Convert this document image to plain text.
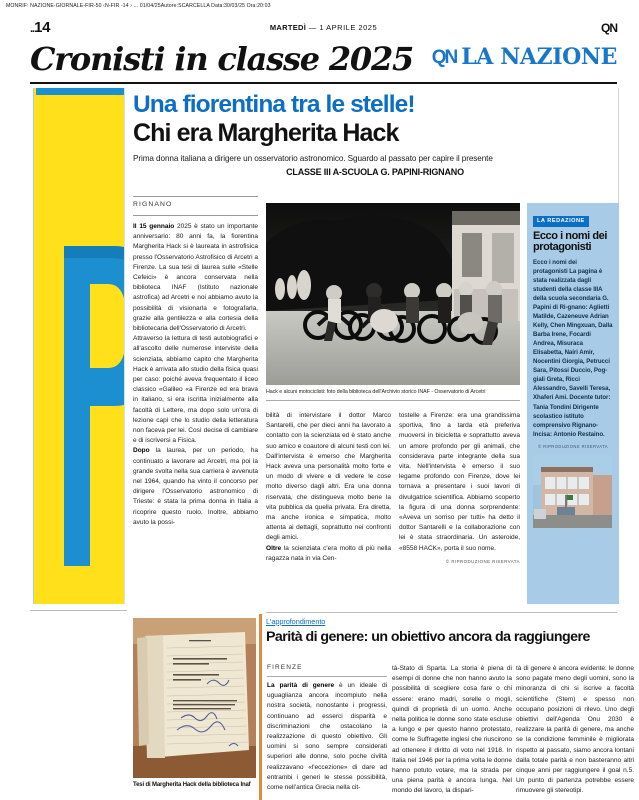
MONRIF: NAZIONE-GIORNALE-FIR-50 ‹N-FIR -14 › ... 01/04/25Autore:SCARCELLA Data:30/03/25 Ora:20:03
..14	MARTEDÌ — 1 APRILE 2025	QN
Cronisti in classe 2025 QN LA NAZIONE
Una fiorentina tra le stelle!
Chi era Margherita Hack
Prima donna italiana a dirigere un osservatorio astronomico. Sguardo al passato per capire il presente
CLASSE III A-SCUOLA G. PAPINI-RIGNANO
RIGNANO
Il 15 gennaio 2025 è stato un importante anniversario: 80 anni fa, la fiorentina Margherita Hack si è laureata in astrofisica presso l'Osservatorio Astrofisico di Arcetri a Firenze. La sua tesi di laurea sulle «Stelle Cefeici» è ancora conservata nella biblioteca INAF (Istituto nazionale astrofica) ad Arcetri e noi abbiamo avuto la possibilità di visionarla e fotografarla, grazie alla gentilezza e alla cortesia della bibliotecaria dell'Osservatorio di Arcetri.
Attraverso la lettura di testi autobiografici e all'ascolto delle numerose interviste della scienziata, abbiamo capito che Margherita Hack è arrivata allo studio della fisica quasi per caso: poiché aveva frequentato il liceo classico «Galileo «a Firenze ed era brava in italiano, si era iscritta inizialmente alla facoltà di Lettere, ma dopo solo un'ora di lezione capì che lo studio della letteratura non faceva per lei. Così decise di cambiare e di iscriversi a Fisica.
Dopo la laurea, per un periodo, ha continuato a lavorare ad Arcetri, ma poi la grande svolta nella sua carriera è avvenuta nel 1964, quando ha vinto il concorso per dirigere l'Osservatorio astronomico di Trieste: è stata la prima donna in Italia a ricoprire questo ruolo. Inoltre, abbiamo avuto la possi-
bilità di intervistare il dottor Marco Santarelli, che per dieci anni ha lavorato a contatto con la scienziata ed è stato anche suo amico e coautore di alcuni testi con lei. Dall'intervista è emerso che Margherita Hack aveva una personalità molto forte e un modo di vivere e di vedere le cose molto diverso dagli altri. Era una donna riservata, che distingueva molto bene la vita pubblica da quella privata. Era diretta, ma anche ironica e simpatica, molto attenta ai dettagli, soprattutto nei confronti degli amici.
Oltre la scienziata c'era molto di più nella ragazza nata in via Cen-
tostelle a Firenze: era una grandissima sportiva, fino a tarda età preferiva muoversi in bicicletta e soprattutto aveva un amore profondo per gli animali, che considerava parte integrante della sua vita. Nell'intervista è emerso il suo legame profondo con Firenze, dove lei tornava a presentare i suoi lavori di divulgatrice scientifica. Abbiamo scoperto la figura di una donna sorprendente: «Aveva un sorriso per tutti» ha detto il dottor Santarelli e la collaborazione con lei è stata straordinaria. Un asteroide, «8558 HACK», porta il suo nome.
© RIPRODUZIONE RISERVATA
Hack e alcuni motociclisti: foto della biblioteca dell'Archivio storico INAF - Osservatorio di Arcetri
LA REDAZIONE
Ecco i nomi dei protagonisti
Ecco i nomi dei protagonisti La pagina è stata realizzata dagli studenti della classe IIIA della scuola secondaria G. Papini di Ri-gnano: Aglietti Matilde, Cazeneuve Adrian Kelly, Chen Mingxuan, Dalla Barba Irene, Focardi Andrea, Misuraca Elisabetta, Nairi Amir, Nocentini Giorgia, Petrucci Sara, Pitossi Duccio, Pog-giali Greta, Ricci Alessandro, Savelli Teresa, Xhaferi Ami. Docente tutor: Tania Tondini Dirigente scolastico istituto comprensivo Rignano-Incisa: Antonio Restaino.
© RIPRODUZIONE RISERVATA
L'approfondimento
Parità di genere: un obiettivo ancora da raggiungere
Tesi di Margherita Hack della biblioteca Inaf
FIRENZE
La parità di genere è un ideale di uguaglianza ancora incompiuto nella nostra società, nonostante i progressi, continuano ad esserci disparità e discriminazioni che ostacolano la realizzazione di questo obiettivo. Gli uomini si sono sempre considerati superiori alle donne, solo poche civiltà realizzavano «l'eccezione» di dare ad entrambi i generi le stesse possibilità, come nell'antica Grecia nella cit-
tà-Stato di Sparta. La storia è piena di esempi di donne che non hanno avuto la possibilità di scegliere cosa fare o chi essere: erano madri, sorelle o mogli, quindi di proprietà di un uomo. Anche nella politica le donne sono state escluse a lungo e per questo hanno protestato, come le Suffragette inglesi che riuscirono ad ottenere il diritto di voto nel 1918. In Italia nel 1946 per la prima volta le donne hanno potuto votare, ma la strada per una piena parità è ancora lunga. Nel mondo del lavoro, la dispari-
tà di genere è ancora evidente: le donne sono pagate meno degli uomini, sono la minoranza di chi si iscrive a facoltà scientifiche (Stem) e spesso non occupano posizioni di rilevo. Uno degli obiettivi dell'Agenda Onu 2030 è realizzare la parità di genere, ma anche se la condizione femminile è migliorata rispetto al passato, siamo ancora lontani dalla totale parità e non basteranno altri cinque anni per raggiungere il goal n.5. Un punto di partenza potrebbe essere rimuovere gli stereotipi.
